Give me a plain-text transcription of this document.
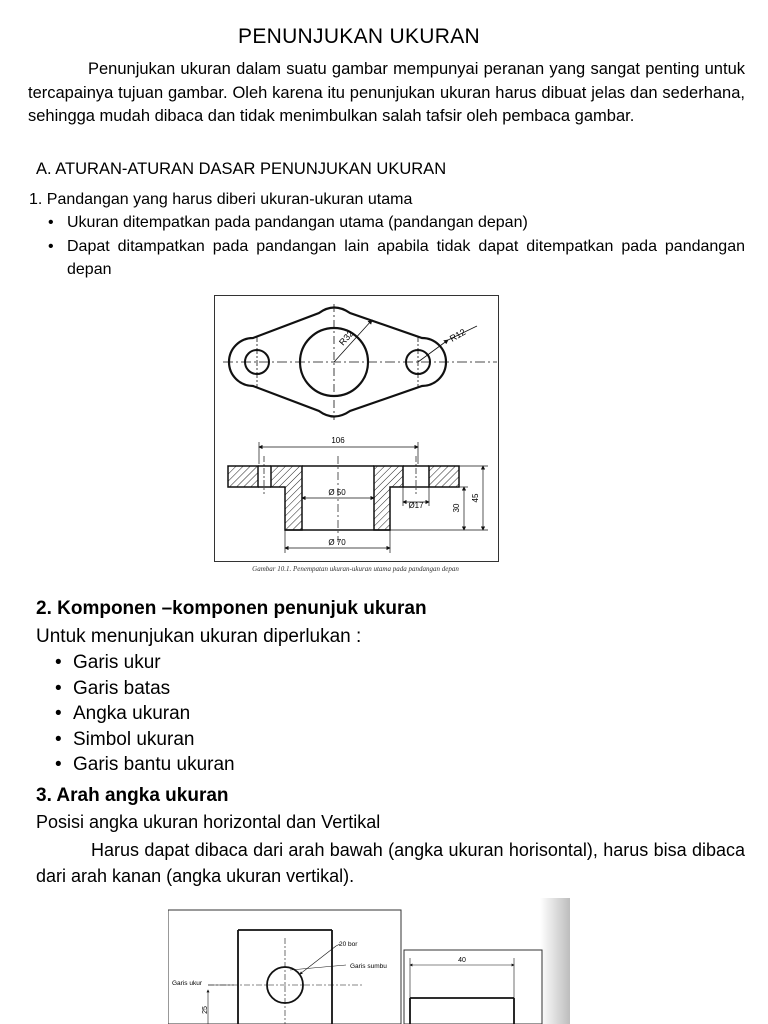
PENUNJUKAN UKURAN
Penunjukan ukuran dalam suatu gambar mempunyai peranan yang sangat penting untuk tercapainya tujuan gambar. Oleh karena itu penunjukan ukuran harus dibuat jelas dan sederhana, sehingga mudah dibaca dan tidak menimbulkan salah tafsir oleh pembaca gambar.
A. ATURAN-ATURAN DASAR PENUNJUKAN UKURAN
1. Pandangan yang harus diberi ukuran-ukuran utama
• Ukuran ditempatkan pada pandangan utama (pandangan depan)
• Dapat ditampatkan pada pandangan lain apabila tidak dapat ditempatkan pada pandangan depan
R32	R12
106
Ø 50
Ø17	30
45
Ø 70
Gambar 10.1. Penempatan ukuran-ukuran utama pada pandangan depan
2. Komponen –komponen penunjuk ukuran
Untuk menunjukan ukuran diperlukan :
• Garis ukur
• Garis batas
• Angka ukuran
• Simbol ukuran
• Garis bantu ukuran
3. Arah angka ukuran
Posisi angka ukuran horizontal dan Vertikal
Harus dapat dibaca dari arah bawah (angka ukuran horisontal), harus bisa dibaca dari arah kanan (angka ukuran vertikal).
20 bor
Garis sumbu
Garis ukur
25
40
